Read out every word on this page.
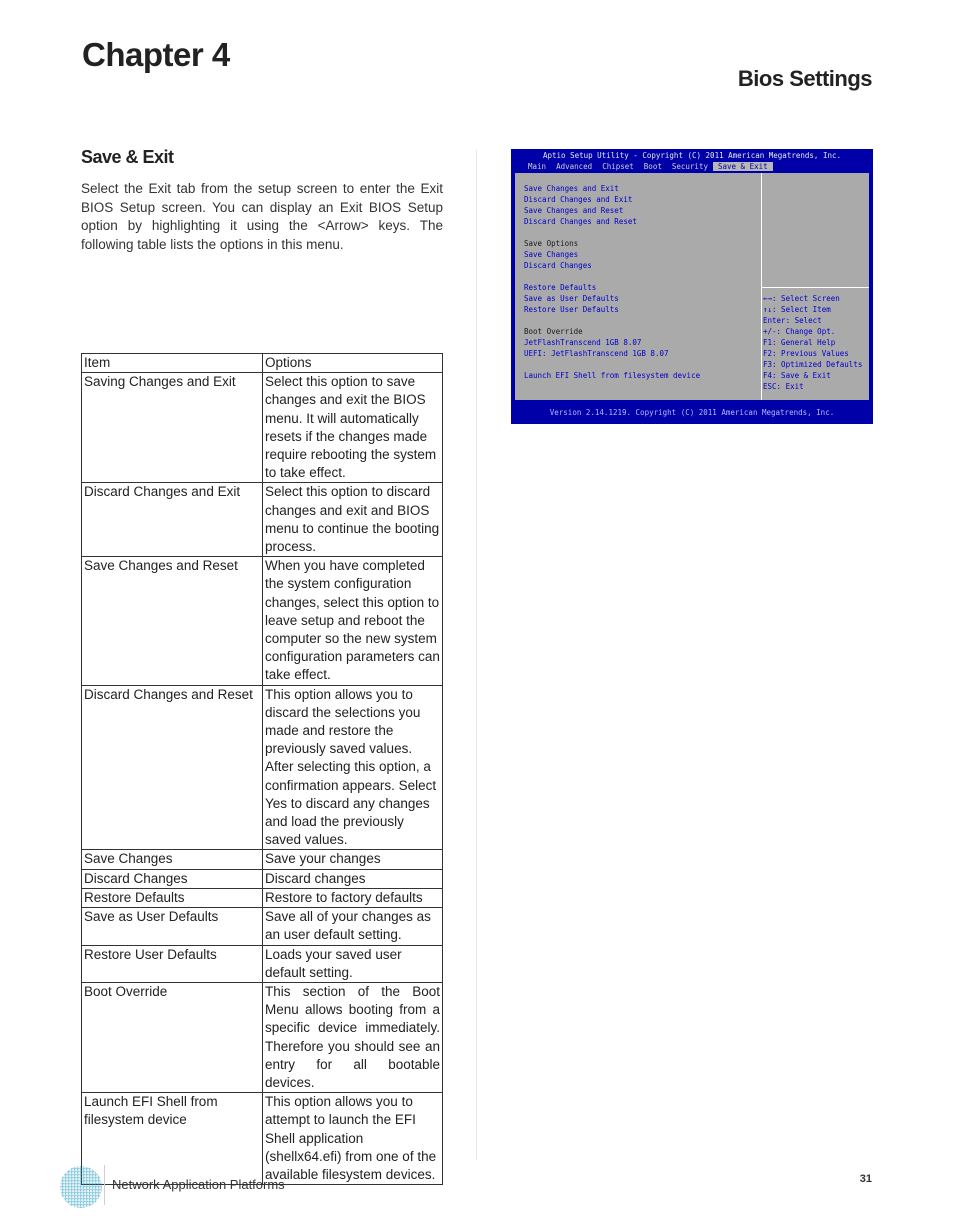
Chapter 4
Bios Settings
Save & Exit
Select the Exit tab from the setup screen to enter the Exit BIOS Setup screen. You can display an Exit BIOS Setup option by highlighting it using the <Arrow> keys. The following table lists the options in this menu.
Item	Options
Saving Changes and Exit	Select this option to save changes and exit the BIOS menu. It will automatically resets if the changes made require rebooting the system to take effect.
Discard Changes and Exit	Select this option to discard changes and exit and BIOS menu to continue the booting process.
Save Changes and Reset	When you have completed the system configuration changes, select this option to leave setup and reboot the computer so the new system configuration parameters can take effect.
Discard Changes and Reset	This option allows you to discard the selections you made and restore the previously saved values. After selecting this option, a confirmation appears. Select Yes to discard any changes and load the previously saved values.
Save Changes	Save your changes
Discard Changes	Discard changes
Restore Defaults	Restore to factory defaults
Save as User Defaults	Save all of your changes as an user default setting.
Restore User Defaults	Loads your saved user default setting.
Boot Override	This section of the Boot Menu allows booting from a specific device immediately. Therefore you should see an entry for all bootable devices.
Launch EFI Shell from filesystem device	This option allows you to attempt to launch the EFI Shell application (shellx64.efi) from one of the available filesystem devices.
Aptio Setup Utility - Copyright (C) 2011 American Megatrends, Inc.
Main	Advanced	Chipset	Boot	Security	Save & Exit
Save Changes and Exit
Discard Changes and Exit
Save Changes and Reset
Discard Changes and Reset
Save Options
Save Changes
Discard Changes
Restore Defaults
Save as User Defaults
Restore User Defaults
Boot Override
JetFlashTranscend 1GB 8.07
UEFI: JetFlashTranscend 1GB 8.07
Launch EFI Shell from filesystem device
←→: Select Screen
↑↓: Select Item
Enter: Select
+/-: Change Opt.
F1: General Help
F2: Previous Values
F3: Optimized Defaults
F4: Save & Exit
ESC: Exit
Version 2.14.1219. Copyright (C) 2011 American Megatrends, Inc.
Network Application Platforms	31
